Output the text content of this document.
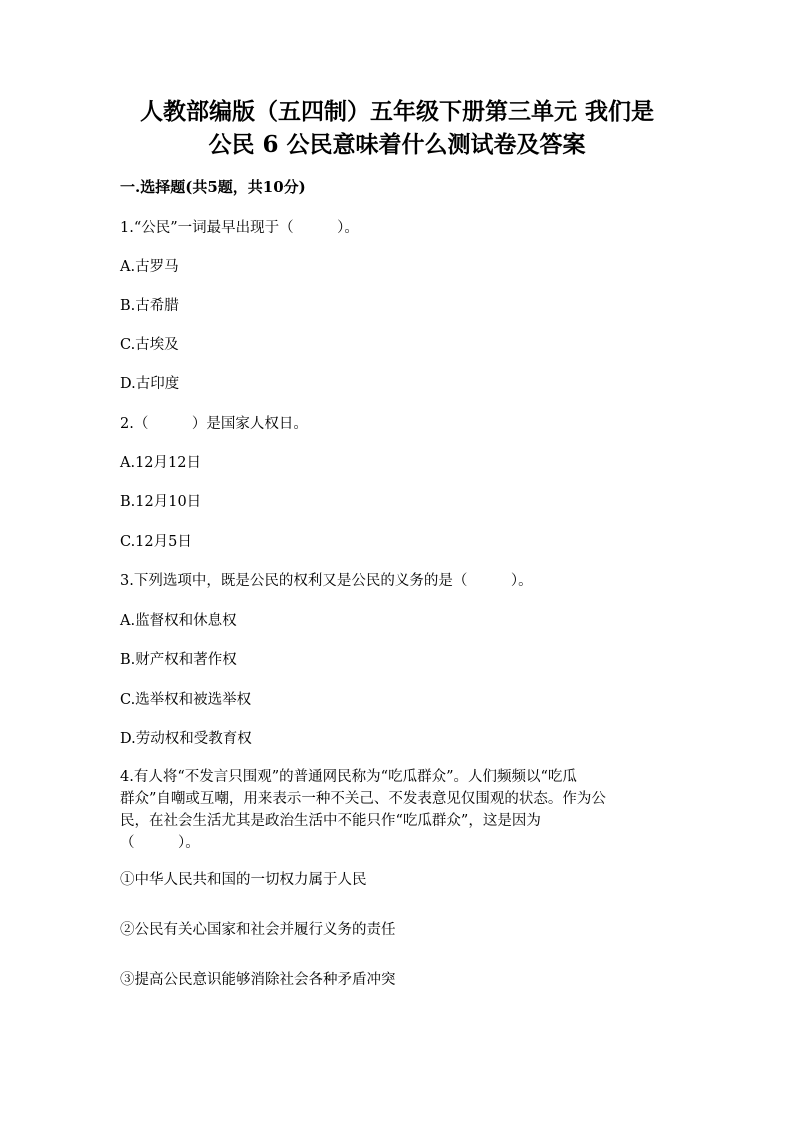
人教部编版（五四制）五年级下册第三单元 我们是
公民 6 公民意味着什么测试卷及答案
一.选择题(共5题，共10分)
1.“公民”一词最早出现于（　　　）。
A.古罗马
B.古希腊
C.古埃及
D.古印度
2.（　　　）是国家人权日。
A.12月12日
B.12月10日
C.12月5日
3.下列选项中，既是公民的权利又是公民的义务的是（　　　）。
A.监督权和休息权
B.财产权和著作权
C.选举权和被选举权
D.劳动权和受教育权
4.有人将“不发言只围观”的普通网民称为“吃瓜群众”。人们频频以“吃瓜
群众”自嘲或互嘲，用来表示一种不关己、不发表意见仅围观的状态。作为公
民，在社会生活尤其是政治生活中不能只作“吃瓜群众”，这是因为
（　　　）。
①中华人民共和国的一切权力属于人民
②公民有关心国家和社会并履行义务的责任
③提高公民意识能够消除社会各种矛盾冲突
